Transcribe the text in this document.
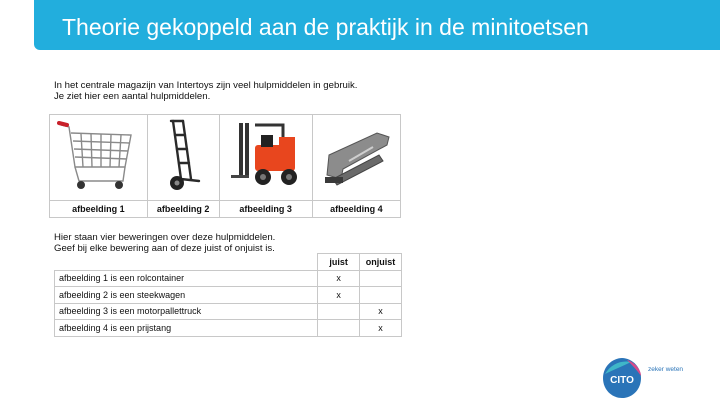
Theorie gekoppeld aan de praktijk in de minitoetsen
In het centrale magazijn van Intertoys zijn veel hulpmiddelen in gebruik.
Je ziet hier een aantal hulpmiddelen.

afbeelding 1	afbeelding 2	afbeelding 3	afbeelding 4
Hier staan vier beweringen over deze hulpmiddelen.
Geef bij elke bewering aan of deze juist of onjuist is.
	juist	onjuist
afbeelding 1 is een rolcontainer	x	
afbeelding 2 is een steekwagen	x	
afbeelding 3 is een motorpallettruck		x
afbeelding 4 is een prijstang		x
CITO
zeker weten
